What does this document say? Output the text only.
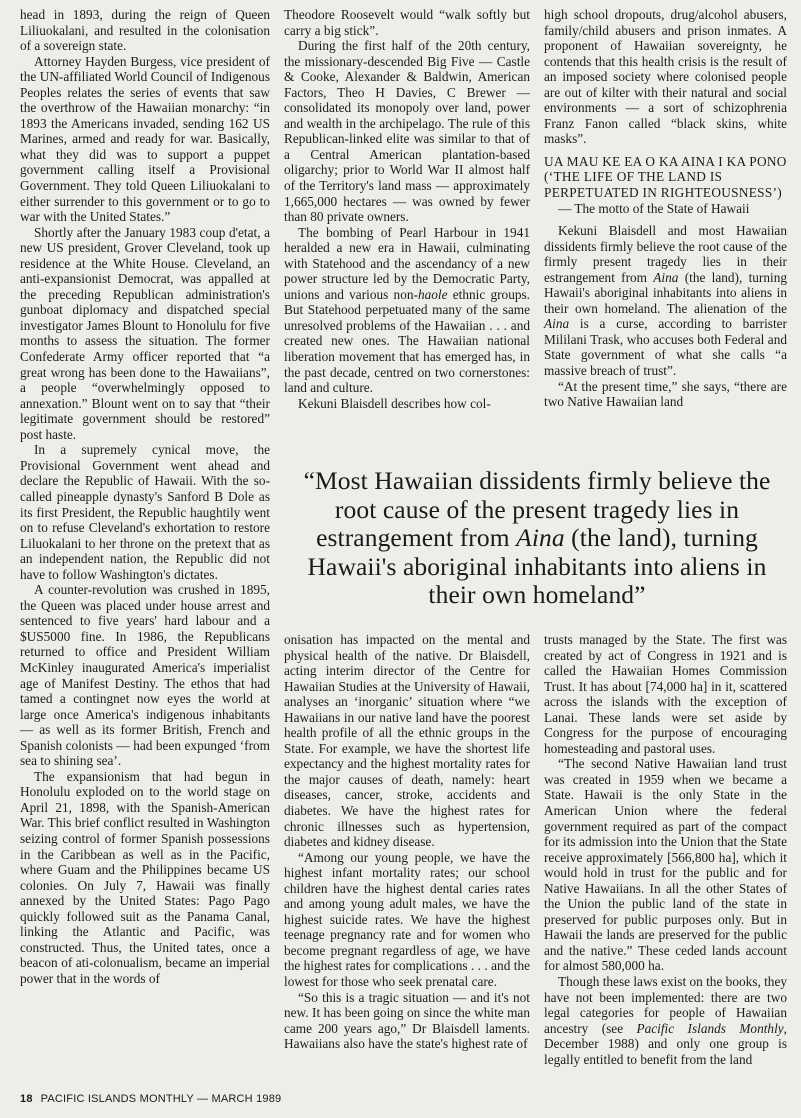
head in 1893, during the reign of Queen Liliuokalani, and resulted in the colonisation of a sovereign state.

Attorney Hayden Burgess, vice president of the UN-affiliated World Council of Indigenous Peoples relates the series of events that saw the overthrow of the Hawaiian monarchy: “in 1893 the Americans invaded, sending 162 US Marines, armed and ready for war. Basically, what they did was to support a puppet government calling itself a Provisional Government. They told Queen Liliuokalani to either surrender to this government or to go to war with the United States.”

Shortly after the January 1983 coup d'etat, a new US president, Grover Cleveland, took up residence at the White House. Cleveland, an anti-expansionist Democrat, was appalled at the preceding Republican administration's gunboat diplomacy and dispatched special investigator James Blount to Honolulu for five months to assess the situation. The former Confederate Army officer reported that “a great wrong has been done to the Hawaiians”, a people “overwhelmingly opposed to annexation.” Blount went on to say that “their legitimate government should be restored” post haste.

In a supremely cynical move, the Provisional Government went ahead and declare the Republic of Hawaii. With the so-called pineapple dynasty's Sanford B Dole as its first President, the Republic haughtily went on to refuse Cleveland's exhortation to restore Liluokalani to her throne on the pretext that as an independent nation, the Republic did not have to follow Washington's dictates.

A counter-revolution was crushed in 1895, the Queen was placed under house arrest and sentenced to five years' hard labour and a $US5000 fine. In 1986, the Republicans returned to office and President William McKinley inaugurated America's imperialist age of Manifest Destiny. The ethos that had tamed a contingnet now eyes the world at large once America's indigenous inhabitants — as well as its former British, French and Spanish colonists — had been expunged ‘from sea to shining sea’.

The expansionism that had begun in Honolulu exploded on to the world stage on April 21, 1898, with the Spanish-American War. This brief conflict resulted in Washington seizing control of former Spanish possessions in the Caribbean as well as in the Pacific, where Guam and the Philippines became US colonies. On July 7, Hawaii was finally annexed by the United States: Pago Pago quickly followed suit as the Panama Canal, linking the Atlantic and Pacific, was constructed. Thus, the United tates, once a beacon of ati-colonualism, became an imperial power that in the words of

Theodore Roosevelt would “walk softly but carry a big stick”.

During the first half of the 20th century, the missionary-descended Big Five — Castle & Cooke, Alexander & Baldwin, American Factors, Theo H Davies, C Brewer — consolidated its monopoly over land, power and wealth in the archipelago. The rule of this Republican-linked elite was similar to that of a Central American plantation-based oligarchy; prior to World War II almost half of the Territory's land mass — approximately 1,665,000 hectares — was owned by fewer than 80 private owners.

The bombing of Pearl Harbour in 1941 heralded a new era in Hawaii, culminating with Statehood and the ascendancy of a new power structure led by the Democratic Party, unions and various non-haole ethnic groups. But Statehood perpetuated many of the same unresolved problems of the Hawaiian . . . and created new ones. The Hawaiian national liberation movement that has emerged has, in the past decade, centred on two cornerstones: land and culture.

Kekuni Blaisdell describes how col-

high school dropouts, drug/alcohol abusers, family/child abusers and prison inmates. A proponent of Hawaiian sovereignty, he contends that this health crisis is the result of an imposed society where colonised people are out of kilter with their natural and social environments — a sort of schizophrenia Franz Fanon called “black skins, white masks”.

UA MAU KE EA O KA AINA I KA PONO (‘THE LIFE OF THE LAND IS PERPETUATED IN RIGHTEOUSNESS’)

— The motto of the State of Hawaii

Kekuni Blaisdell and most Hawaiian dissidents firmly believe the root cause of the firmly present tragedy lies in their estrangement from Aina (the land), turning Hawaii's aboriginal inhabitants into aliens in their own homeland. The alienation of the Aina is a curse, according to barrister Mililani Trask, who accuses both Federal and State government of what she calls “a massive breach of trust”.

“At the present time,” she says, “there are two Native Hawaiian land

“Most Hawaiian dissidents firmly believe the root cause of the present tragedy lies in estrangement from Aina (the land), turning Hawaii's aboriginal inhabitants into aliens in their own homeland”

onisation has impacted on the mental and physical health of the native. Dr Blaisdell, acting interim director of the Centre for Hawaiian Studies at the University of Hawaii, analyses an ‘inorganic’ situation where “we Hawaiians in our native land have the poorest health profile of all the ethnic groups in the State. For example, we have the shortest life expectancy and the highest mortality rates for the major causes of death, namely: heart diseases, cancer, stroke, accidents and diabetes. We have the highest rates for chronic illnesses such as hypertension, diabetes and kidney disease.

“Among our young people, we have the highest infant mortality rates; our school children have the highest dental caries rates and among young adult males, we have the highest suicide rates. We have the highest teenage pregnancy rate and for women who become pregnant regardless of age, we have the highest rates for complications . . . and the lowest for those who seek prenatal care.

“So this is a tragic situation — and it's not new. It has been going on since the white man came 200 years ago,” Dr Blaisdell laments. Hawaiians also have the state's highest rate of

trusts managed by the State. The first was created by act of Congress in 1921 and is called the Hawaiian Homes Commission Trust. It has about [74,000 ha] in it, scattered across the islands with the exception of Lanai. These lands were set aside by Congress for the purpose of encouraging homesteading and pastoral uses.

“The second Native Hawaiian land trust was created in 1959 when we became a State. Hawaii is the only State in the American Union where the federal government required as part of the compact for its admission into the Union that the State receive approximately [566,800 ha], which it would hold in trust for the public and for Native Hawaiians. In all the other States of the Union the public land of the state in preserved for public purposes only. But in Hawaii the lands are preserved for the public and the native.” These ceded lands account for almost 580,000 ha.

Though these laws exist on the books, they have not been implemented: there are two legal categories for people of Hawaiian ancestry (see Pacific Islands Monthly, December 1988) and only one group is legally entitled to benefit from the land

18 PACIFIC ISLANDS MONTHLY — MARCH 1989
